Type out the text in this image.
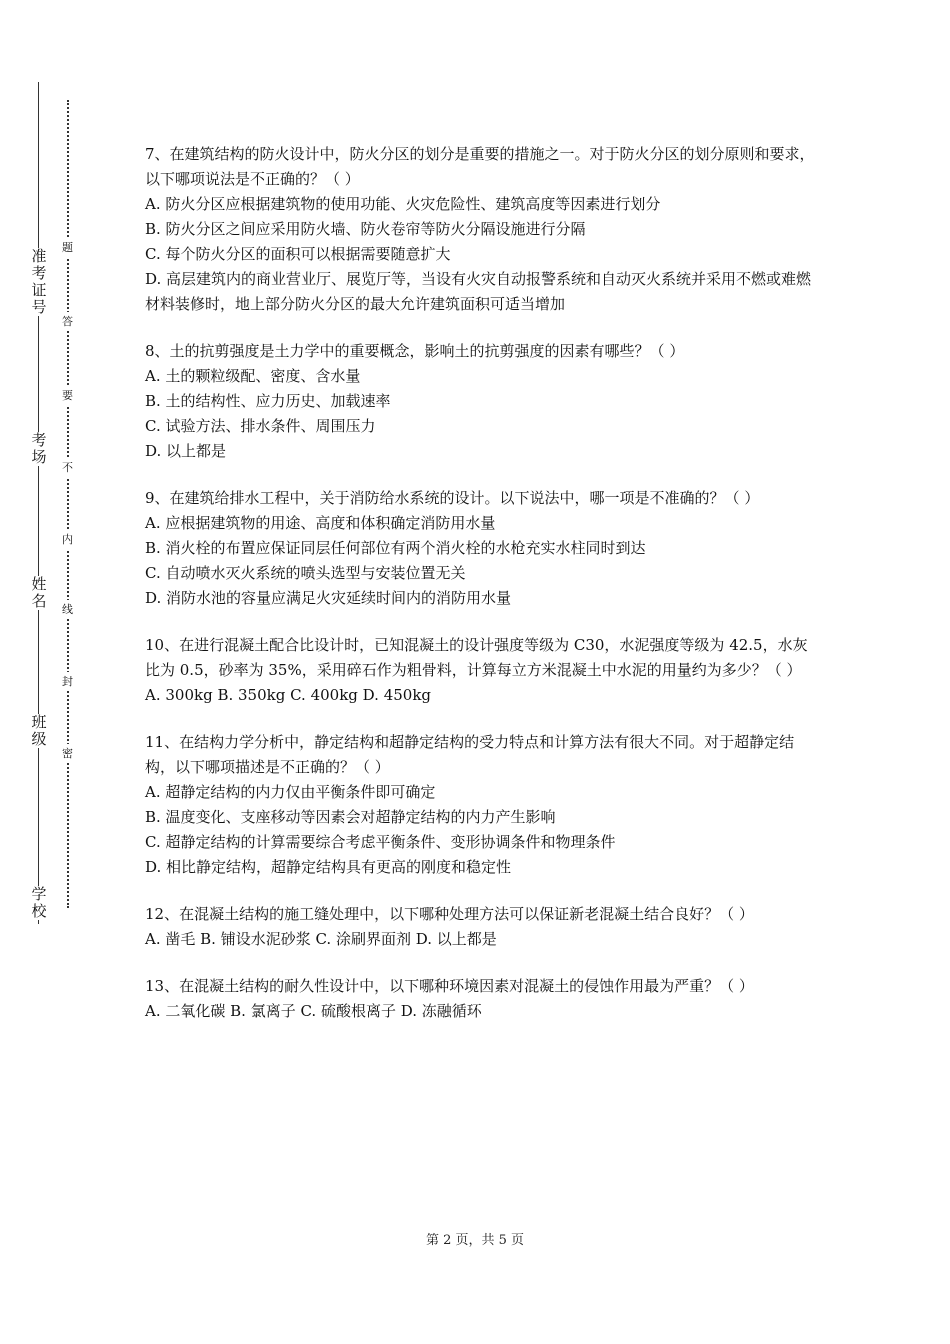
准考证号
考场
姓名
班级
学校
题
答
要
不
内
线
封
密

7、在建筑结构的防火设计中，防火分区的划分是重要的措施之一。对于防火分区的划分原则和要求，以下哪项说法是不正确的？（ ）

A. 防火分区应根据建筑物的使用功能、火灾危险性、建筑高度等因素进行划分

B. 防火分区之间应采用防火墙、防火卷帘等防火分隔设施进行分隔

C. 每个防火分区的面积可以根据需要随意扩大

D. 高层建筑内的商业营业厅、展览厅等，当设有火灾自动报警系统和自动灭火系统并采用不燃或难燃材料装修时，地上部分防火分区的最大允许建筑面积可适当增加

8、土的抗剪强度是土力学中的重要概念，影响土的抗剪强度的因素有哪些？（ ）

A. 土的颗粒级配、密度、含水量

B. 土的结构性、应力历史、加载速率

C. 试验方法、排水条件、周围压力

D. 以上都是

9、在建筑给排水工程中，关于消防给水系统的设计。以下说法中，哪一项是不准确的？（ ）

A. 应根据建筑物的用途、高度和体积确定消防用水量

B. 消火栓的布置应保证同层任何部位有两个消火栓的水枪充实水柱同时到达

C. 自动喷水灭火系统的喷头选型与安装位置无关

D. 消防水池的容量应满足火灾延续时间内的消防用水量

10、在进行混凝土配合比设计时，已知混凝土的设计强度等级为 C30，水泥强度等级为 42.5，水灰比为 0.5，砂率为 35%，采用碎石作为粗骨料，计算每立方米混凝土中水泥的用量约为多少？（ ）

A. 300kg B. 350kg C. 400kg D. 450kg

11、在结构力学分析中，静定结构和超静定结构的受力特点和计算方法有很大不同。对于超静定结构，以下哪项描述是不正确的？（ ）

A. 超静定结构的内力仅由平衡条件即可确定

B. 温度变化、支座移动等因素会对超静定结构的内力产生影响

C. 超静定结构的计算需要综合考虑平衡条件、变形协调条件和物理条件

D. 相比静定结构，超静定结构具有更高的刚度和稳定性

12、在混凝土结构的施工缝处理中，以下哪种处理方法可以保证新老混凝土结合良好？（ ）

A. 凿毛 B. 铺设水泥砂浆 C. 涂刷界面剂 D. 以上都是

13、在混凝土结构的耐久性设计中，以下哪种环境因素对混凝土的侵蚀作用最为严重？（ ）

A. 二氧化碳 B. 氯离子 C. 硫酸根离子 D. 冻融循环

第 2 页，共 5 页
